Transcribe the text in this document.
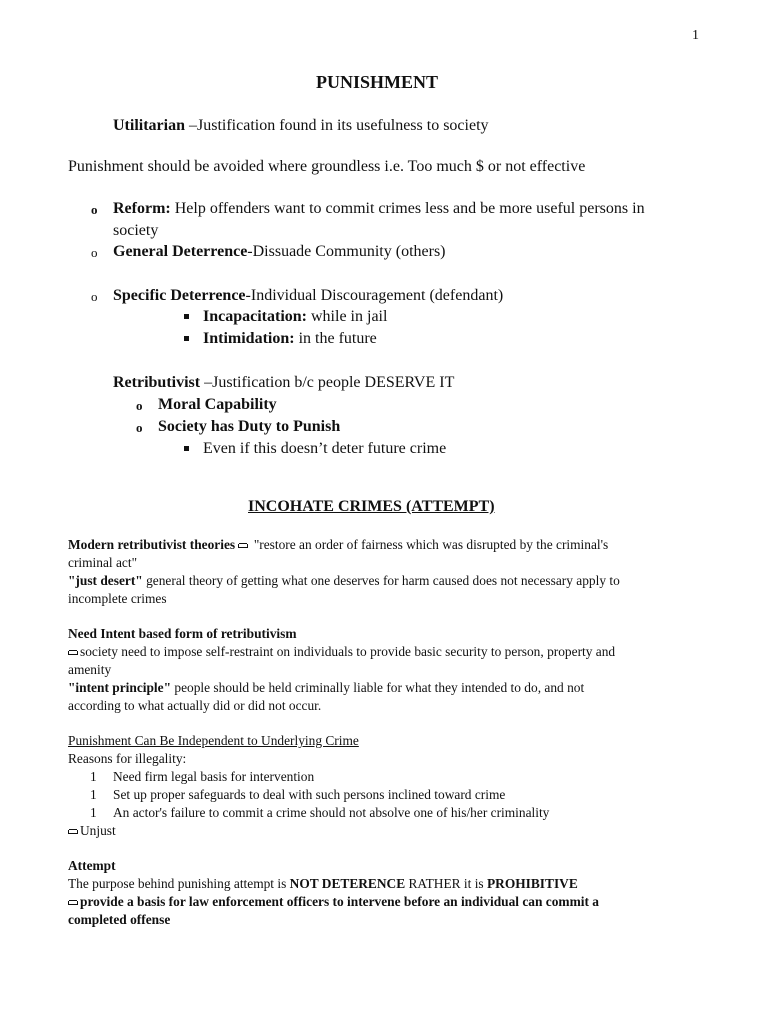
1
PUNISHMENT
Utilitarian –Justification found in its usefulness to society
Punishment should be avoided where groundless i.e. Too much $ or not effective
o Reform: Help offenders want to commit crimes less and be more useful persons in
society
o General Deterrence-Dissuade Community (others)
o Specific Deterrence-Individual Discouragement (defendant)
Incapacitation: while in jail
Intimidation: in the future
Retributivist –Justification b/c people DESERVE IT
o Moral Capability
o Society has Duty to Punish
Even if this doesn’t deter future crime
INCOHATE CRIMES (ATTEMPT)
Modern retributivist theories  "restore an order of fairness which was disrupted by the criminal's
criminal act"
"just desert" general theory of getting what one deserves for harm caused does not necessary apply to
incomplete crimes
Need Intent based form of retributivism
society need to impose self-restraint on individuals to provide basic security to person, property and
amenity
"intent principle" people should be held criminally liable for what they intended to do, and not
according to what actually did or did not occur.
Punishment Can Be Independent to Underlying Crime
Reasons for illegality:
1 Need firm legal basis for intervention
1 Set up proper safeguards to deal with such persons inclined toward crime
1 An actor's failure to commit a crime should not absolve one of his/her criminality
Unjust
Attempt
The purpose behind punishing attempt is NOT DETERENCE RATHER it is PROHIBITIVE
provide a basis for law enforcement officers to intervene before an individual can commit a
completed offense
